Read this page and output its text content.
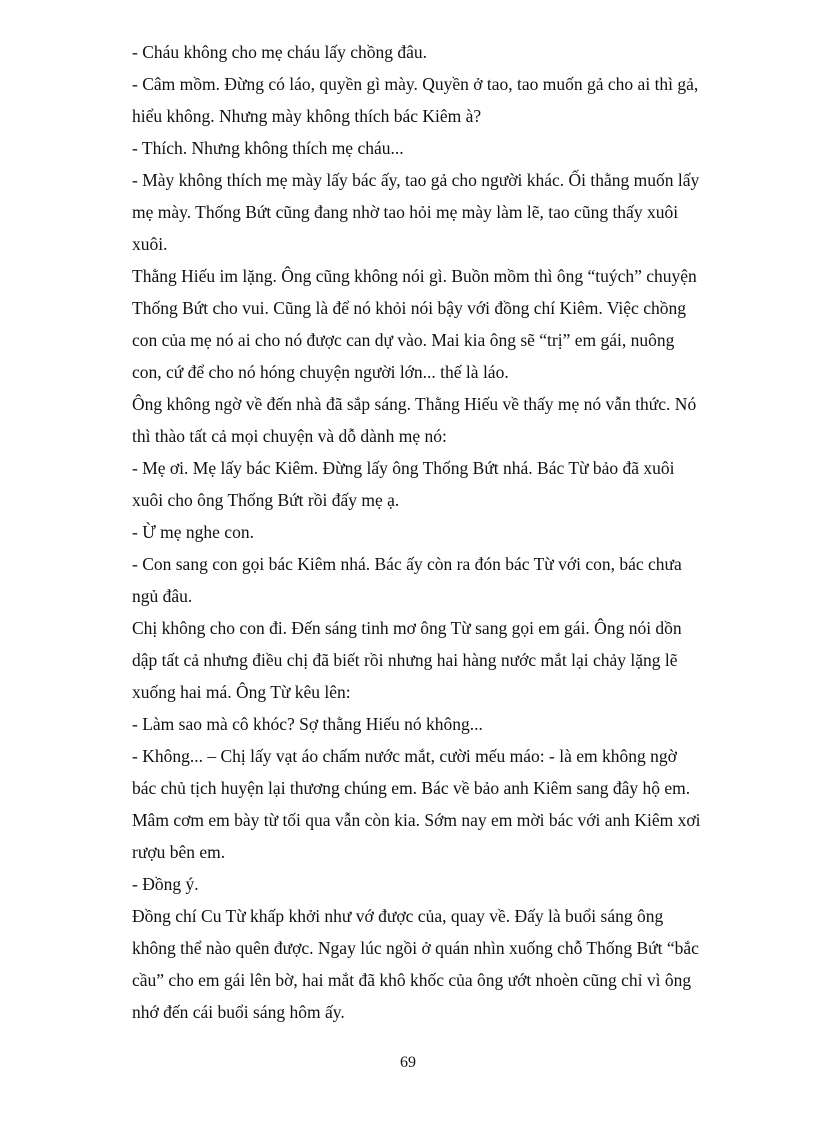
- Cháu không cho mẹ cháu lấy chồng đâu.

- Câm mồm. Đừng có láo, quyền gì mày. Quyền ở tao, tao muốn gả cho ai thì gả,
hiểu không. Nhưng mày không thích bác Kiêm à?

- Thích. Nhưng không thích mẹ cháu...

- Mày không thích mẹ mày lấy bác ấy, tao gả cho người khác. Ối thằng muốn lấy
mẹ mày. Thống Bứt cũng đang nhờ tao hỏi mẹ mày làm lẽ, tao cũng thấy xuôi
xuôi.

Thằng Hiếu im lặng. Ông cũng không nói gì. Buồn mồm thì ông “tuých” chuyện
Thống Bứt cho vui. Cũng là để nó khỏi nói bậy với đồng chí Kiêm. Việc chồng
con của mẹ nó ai cho nó được can dự vào. Mai kia ông sẽ “trị” em gái, nuông
con, cứ để cho nó hóng chuyện người lớn... thế là láo.

Ông không ngờ về đến nhà đã sắp sáng. Thằng Hiếu về thấy mẹ nó vẫn thức. Nó
thì thào tất cả mọi chuyện và dỗ dành mẹ nó:

- Mẹ ơi. Mẹ lấy bác Kiêm. Đừng lấy ông Thống Bứt nhá. Bác Từ bảo đã xuôi
xuôi cho ông Thống Bứt rồi đấy mẹ ạ.

- Ừ mẹ nghe con.

- Con sang con gọi bác Kiêm nhá. Bác ấy còn ra đón bác Từ với con, bác chưa
ngủ đâu.

Chị không cho con đi. Đến sáng tinh mơ ông Từ sang gọi em gái. Ông nói dồn
dập tất cả nhưng điều chị đã biết rồi nhưng hai hàng nước mắt lại chảy lặng lẽ
xuống hai má. Ông Từ kêu lên:

- Làm sao mà cô khóc? Sợ thằng Hiếu nó không...

- Không... – Chị lấy vạt áo chấm nước mắt, cười mếu máo: - là em không ngờ
bác chủ tịch huyện lại thương chúng em. Bác về bảo anh Kiêm sang đây hộ em.
Mâm cơm em bày từ tối qua vẫn còn kia. Sớm nay em mời bác với anh Kiêm xơi
rượu bên em.

- Đồng ý.

Đồng chí Cu Từ khấp khởi như vớ được của, quay về. Đấy là buổi sáng ông
không thể nào quên được. Ngay lúc ngồi ở quán nhìn xuống chỗ Thống Bứt “bắc
cầu” cho em gái lên bờ, hai mắt đã khô khốc của ông ướt nhoèn cũng chỉ vì ông
nhớ đến cái buổi sáng hôm ấy.

69
